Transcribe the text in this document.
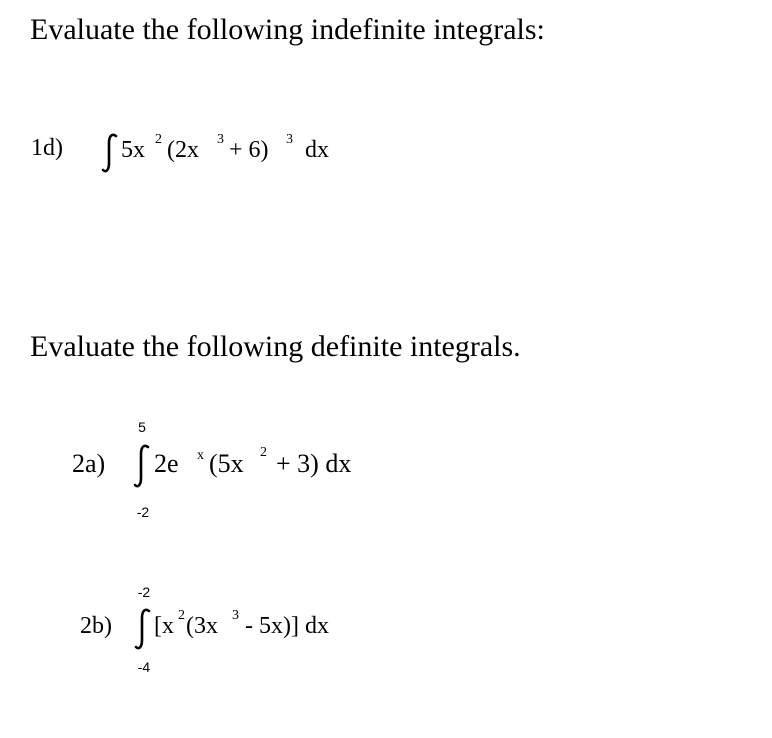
Evaluate the following indefinite integrals:
1d) 5x 2 (2x 3 + 6) 3 dx
Evaluate the following definite integrals.
2a)
5
-2
2e x (5x 2 + 3) dx
2b)
-2
-4
[x 2 (3x 3 - 5x)] dx
